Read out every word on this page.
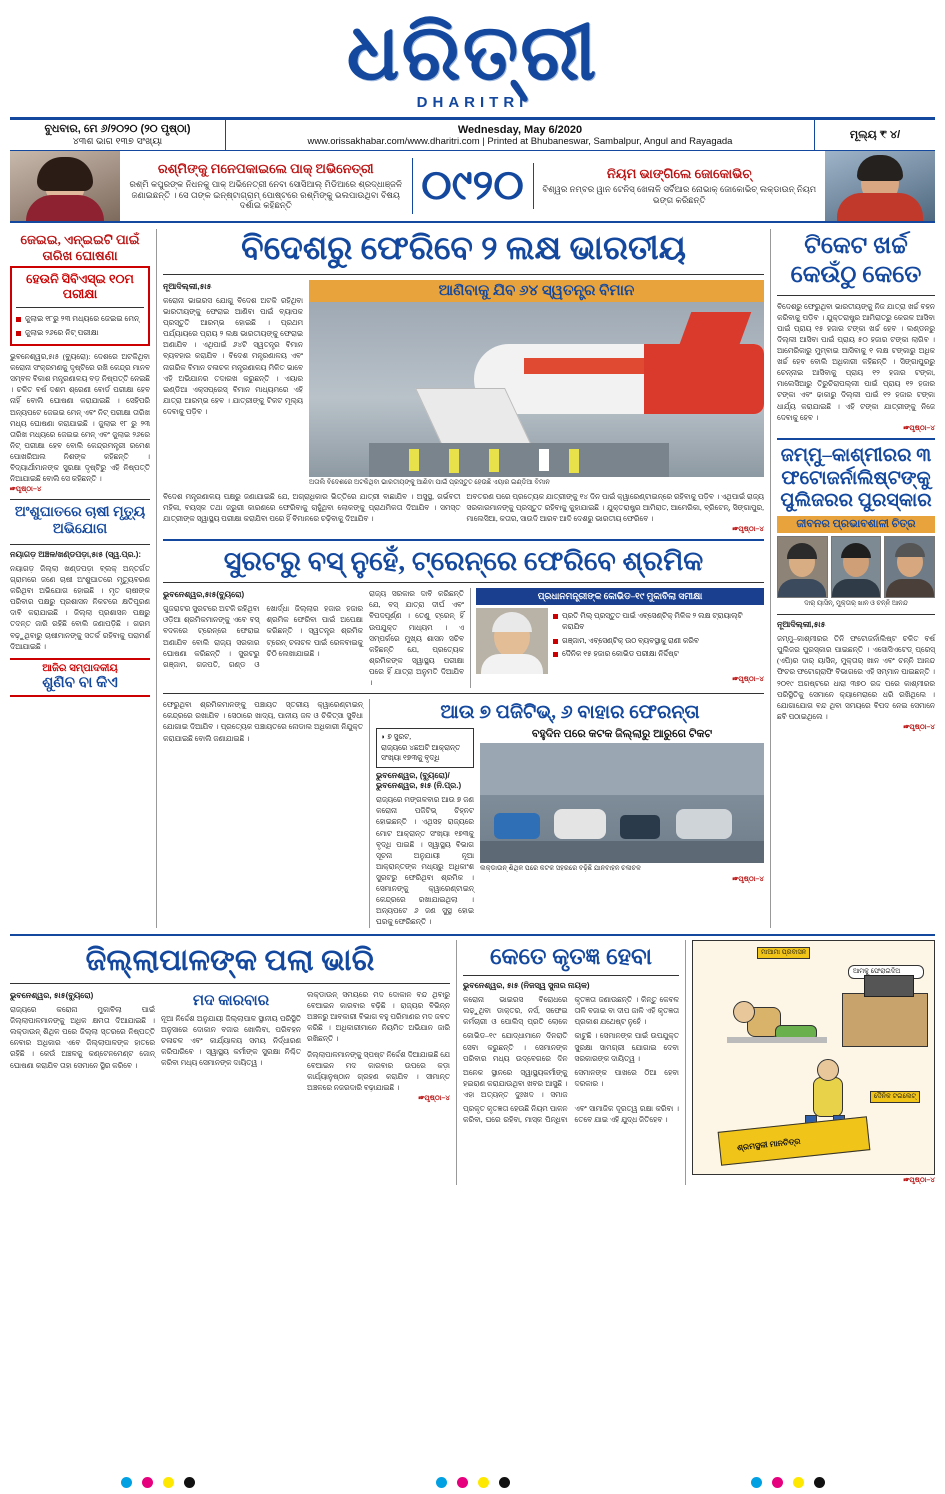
ଧରିତ୍ରୀ
DHARITRI
ବୁଧବାର, ମେ ୬/୨୦୨୦ (୨୦ ପୃଷ୍ଠା)
୪୩ଶ ଭାଗ ୧୩୭ ସଂଖ୍ୟା
Wednesday, May 6/2020
www.orissakhabar.com/www.dharitri.com | Printed at Bhubaneswar, Sambalpur, Angul and Rayagada
ମୂଲ୍ୟ ₹ ୪/
ରଶ୍ମିଙ୍କୁ ମନେପକାଇଲେ ପାକ୍ ଅଭିନେତ୍ରୀ
ରଶ୍ମି କପୁରଙ୍କ ନିଧନକୁ ପାକ୍ ଅଭିନେତ୍ରୀ ନେବା ସୋସିଆଲ୍ ମିଡିଆରେ ଶ୍ରଦ୍ଧାଞ୍ଜଳି ଜଣାଇଛନ୍ତି । ସେ ତାଙ୍କ ଇନ୍‌ଷ୍ଟାଗ୍ରାମ୍ ପୋଷ୍ଟରେ ରଶ୍ମିଙ୍କୁ ଭଲପାଉଥିବା ବିଷୟ ଦର୍ଶାଇ କହିଛନ୍ତି	୦୯୨୦	ନିୟମ ଭାଙ୍ଗିଲେ ଜୋକୋଭିଚ୍
ବିଶ୍ୱର ନମ୍ବର ୱାନ ଟେନିସ୍ ଖେଳାଳି ସର୍ବିଆର ନୋଭାକ୍ ଜୋକୋଭିଚ୍ ଲକ୍‌ଡାଉନ୍ ନିୟମ ଭଙ୍ଗ କରିଛନ୍ତି
ଜେଇଇ, ଏନ୍‌ଇଇଟି ପାଇଁ ତାରିଖ ଘୋଷଣା
ହେଉନି ସିବିଏସ୍‌ଇ ୧୦ମ ପରୀକ୍ଷା
ଜୁଲାଇ ୧୮ରୁ ୨୩ ମଧ୍ୟରେ ଜେଇଇ ମେନ୍
ଜୁଲାଇ ୨୬ରେ ନିଟ୍ ପରୀକ୍ଷା
ଭୁବନେଶ୍ୱର,୫ା୫ (ବ୍ୟୁରୋ): ଦେଶରେ ଅଟକିଥିବା କରୋନା ସଂକ୍ରମଣକୁ ଦୃଷ୍ଟିରେ ରଖି କେନ୍ଦ୍ର ମାନବ ସମ୍ବଳ ବିକାଶ ମନ୍ତ୍ରଣାଳୟ ବଡ଼ ନିଷ୍ପତ୍ତି ନେଇଛି । ଚଳିତ ବର୍ଷ ଦଶମ ଶ୍ରେଣୀ ବୋର୍ଡ ପରୀକ୍ଷା ହେବ ନାହିଁ ବୋଲି ଘୋଷଣା କରାଯାଇଛି । ସେହିପରି ଅନ୍ୟପଟେ ଜେଇଇ ମେନ୍ ଏବଂ ନିଟ୍ ପରୀକ୍ଷା ତାରିଖ ମଧ୍ୟ ଘୋଷଣା କରାଯାଇଛି । ଜୁଲାଇ ୧୮ ରୁ ୨୩ ତାରିଖ ମଧ୍ୟରେ ଜେଇଇ ମେନ୍ ଏବଂ ଜୁଲାଇ ୨୬ରେ ନିଟ୍ ପରୀକ୍ଷା ହେବ ବୋଲି କେନ୍ଦ୍ରମନ୍ତ୍ରୀ ରମେଶ ପୋଖରିଆଲ ନିଶଙ୍କ କହିଛନ୍ତି । ବିଦ୍ୟାର୍ଥୀମାନଙ୍କ ସୁରକ୍ଷା ଦୃଷ୍ଟିରୁ ଏହି ନିଷ୍ପତ୍ତି ନିଆଯାଇଛି ବୋଲି ସେ କହିଛନ୍ତି ।
☞ପୃଷ୍ଠା–୪
ଅଂଶୁଘାତରେ ଚାଷୀ ମୃତ୍ୟୁ ଅଭିଯୋଗ
ନୟାଗଡ଼ ଅଞ୍ଚଳ/ଖଣ୍ଡପଡ଼ା,୫ା୫ (ସ୍ୱ.ପ୍ର.):
ନୟାଗଡ଼ ଜିଲ୍ଲା ଖଣ୍ଡପଡ଼ା ବ୍ଲକ୍ ଅନ୍ତର୍ଗତ ଗ୍ରାମରେ ଜଣେ ଚାଷୀ ଅଂଶୁଘାତରେ ମୃତ୍ୟୁବରଣ କରିଥିବା ଅଭିଯୋଗ ହୋଇଛି । ମୃତ ଚାଷୀଙ୍କ ପରିବାର ପକ୍ଷରୁ ପ୍ରଶାସନ ନିକଟରେ କ୍ଷତିପୂରଣ ଦାବି କରାଯାଇଛି । ଜିଲ୍ଲା ପ୍ରଶାସନ ପକ୍ଷରୁ ତଦନ୍ତ ଜାରି ରହିଛି ବୋଲି ଜଣାପଡ଼ିଛି । ଗରମ ବଢ଼ୁଥିବାରୁ ଚାଷୀମାନଙ୍କୁ ସତର୍କ ରହିବାକୁ ପରାମର୍ଶ ଦିଆଯାଇଛି ।
ଆଜିର ସମ୍ପାଦକୀୟ
ଶୁଣିବ ବା କିଏ
ବିଦେଶରୁ ଫେରିବେ ୨ ଲକ୍ଷ ଭାରତୀୟ
ନୂଆଦିଲ୍ଲୀ,୫ା୫
କରୋନା ଭାଇରସ ଯୋଗୁ ବିଦେଶ ଅଟକି ରହିଥିବା ଭାରତୀୟଙ୍କୁ ଫେରାଇ ଆଣିବା ପାଇଁ ବ୍ୟାପକ ପ୍ରସ୍ତୁତି ଆରମ୍ଭ ହୋଇଛି । ପ୍ରଥମ ପର୍ଯ୍ୟାୟରେ ପ୍ରାୟ ୨ ଲକ୍ଷ ଭାରତୀୟଙ୍କୁ ଫେରାଇ ଅଣାଯିବ । ଏଥିପାଇଁ ୬୪ଟି ସ୍ୱତନ୍ତ୍ର ବିମାନ ବ୍ୟବହାର କରାଯିବ । ବିଦେଶ ମନ୍ତ୍ରଣାଳୟ ଏବଂ ନାଗରିକ ବିମାନ ଚଳାଚଳ ମନ୍ତ୍ରଣାଳୟ ମିଳିତ ଭାବେ ଏହି ଅଭିଯାନର ତଦାରଖ କରୁଛନ୍ତି । ଏୟାର ଇଣ୍ଡିଆ ଏକ୍ସପ୍ରେସ୍ ବିମାନ ମାଧ୍ୟମରେ ଏହି ଯାତ୍ରା ଆରମ୍ଭ ହେବ । ଯାତ୍ରୀଙ୍କୁ ଟିକଟ ମୂଲ୍ୟ ଦେବାକୁ ପଡ଼ିବ ।
ଆଣିବାକୁ ଯିବ ୬୪ ସ୍ୱତନ୍ତ୍ର ବିମାନ
ଅତାଲି ବିଦେଶରେ ଅଟକିଥିବା ଭାରତୀୟଙ୍କୁ ଆଣିବା ପାଇଁ ପ୍ରସ୍ତୁତ ହେଉଛି ଏୟାର ଇଣ୍ଡିଆ ବିମାନ
ବିଦେଶ ମନ୍ତ୍ରଣାଳୟ ପକ୍ଷରୁ ଜଣାଯାଇଛି ଯେ, ଅଗ୍ରାଧିକାର ଭିତ୍ତିରେ ଯାତ୍ରୀ ବାଛାଯିବ । ଅସୁସ୍ଥ, ଗର୍ଭବତୀ ମହିଳା, ବୟସ୍କ ତଥା ଜରୁରୀ କାରଣରେ ଫେରିବାକୁ ଚାହୁଁଥିବା ଲୋକଙ୍କୁ ପ୍ରାଥମିକତା ଦିଆଯିବ । ସମସ୍ତ ଯାତ୍ରୀଙ୍କ ସ୍ୱାସ୍ଥ୍ୟ ପରୀକ୍ଷା କରାଯିବା ପରେ ହିଁ ବିମାନରେ ଚଢ଼ିବାକୁ ଦିଆଯିବ ।
ଅବତରଣ ପରେ ପ୍ରତ୍ୟେକ ଯାତ୍ରୀଙ୍କୁ ୧୪ ଦିନ ପାଇଁ କ୍ୱାରେଣ୍ଟାଇନ୍‌ରେ ରହିବାକୁ ପଡ଼ିବ । ଏଥିପାଇଁ ରାଜ୍ୟ ସରକାରମାନଙ୍କୁ ପ୍ରସ୍ତୁତ ରହିବାକୁ କୁହାଯାଇଛି । ଯୁକ୍ତରାଷ୍ଟ୍ର ଆମିରାତ, ଆମେରିକା, ବ୍ରିଟେନ୍, ସିଙ୍ଗାପୁର, ମାଲେସିଆ, କତାର, ସାଉଦି ଆରବ ଆଦି ଦେଶରୁ ଭାରତୀୟ ଫେରିବେ ।
☞ପୃଷ୍ଠା–୪
ସୁରଟରୁ ବସ୍ ନୁହେଁ, ଟ୍ରେନ୍‌ରେ ଫେରିବେ ଶ୍ରମିକ
ଭୁବନେଶ୍ୱର,୫ା୫(ବ୍ୟୁରୋ)
ଗୁଜରାଟର ସୁରଟରେ ଅଟକି ରହିଥିବା ଓଡ଼ିଆ ଶ୍ରମିକମାନଙ୍କୁ ଏବେ ବସ୍ ବଦଳରେ ଟ୍ରେନ୍‌ରେ ଫେରାଇ ଅଣାଯିବ ବୋଲି ରାଜ୍ୟ ସରକାର ଘୋଷଣା କରିଛନ୍ତି । ସୁରଟରୁ ଗଞ୍ଜାମ, ଗଜପତି, ଗଣ୍ଡ ଓ ଖୋର୍ଦ୍ଧା ଜିଲ୍ଲାର ହଜାର ହଜାର ଶ୍ରମିକ ଫେରିବା ପାଇଁ ଅପେକ୍ଷା କରିଛନ୍ତି । ସ୍ୱତନ୍ତ୍ର ଶ୍ରମିକ ଟ୍ରେନ୍ ଚଳାଚଳ ପାଇଁ ରେଳବାଇକୁ ଚିଠି ଲେଖାଯାଇଛି ।
ରାଜ୍ୟ ସରକାର ଦାବି କରିଛନ୍ତି ଯେ, ବସ୍ ଯାତ୍ରା ଦୀର୍ଘ ଏବଂ ବିପଦପୂର୍ଣ୍ଣ । ତେଣୁ ଟ୍ରେନ୍ ହିଁ ଉପଯୁକ୍ତ ମାଧ୍ୟମ । ଏ ସମ୍ପର୍କରେ ମୁଖ୍ୟ ଶାସନ ସଚିବ କହିଛନ୍ତି ଯେ, ପ୍ରତ୍ୟେକ ଶ୍ରମିକଙ୍କ ସ୍ୱାସ୍ଥ୍ୟ ପରୀକ୍ଷା ପରେ ହିଁ ଯାତ୍ରା ଅନୁମତି ଦିଆଯିବ ।
ପ୍ରଧାନମନ୍ତ୍ରୀଙ୍କ କୋଭିଡ–୧୯ ମୁକାବିଲା ସମୀକ୍ଷା
ପ୍ରତି ମିଲ୍ ପ୍ରସ୍ତୁତ ପାଇଁ ଏବ୍‌ସେଣ୍ଟିକ୍ ମିଳିକ ୨ ଲକ୍ଷ ଟ୍ରାୟାଲ୍‌ଟି କରାଯିବ
ଗଞ୍ଜାମ, ଏବ୍‌ସେଣ୍ଟିକ୍ ଉଠ ବ୍ୟବସ୍ଥାକୁ ରାଣୀ କରିବ
ଦୈନିକ ୧୫ ହଜାର କୋଭିଡ ପରୀକ୍ଷା ନିର୍ଦ୍ଦିଷ୍ଟ
☞ପୃଷ୍ଠା–୪
ଫେରୁଥିବା ଶ୍ରମିକମାନଙ୍କୁ ପଞ୍ଚାୟତ ସ୍ତରୀୟ କ୍ୱାରେଣ୍ଟାଇନ୍ କେନ୍ଦ୍ରରେ ରଖାଯିବ । ସେଠାରେ ଖାଦ୍ୟ, ପାନୀୟ ଜଳ ଓ ଚିକିତ୍ସା ସୁବିଧା ଯୋଗାଇ ଦିଆଯିବ । ପ୍ରତ୍ୟେକ ପଞ୍ଚାୟତରେ ନୋଡାଲ ଅଧିକାରୀ ନିଯୁକ୍ତ କରାଯାଇଛି ବୋଲି ଜଣାଯାଇଛି ।
ଆଉ ୭ ପଜିଟିଭ୍, ୬ ବାହାର ଫେରନ୍ତା
◗ ୭ ସୁରଟ,
ରାଜ୍ୟରେ ୪ଛଅଟି ଆକ୍ରାନ୍ତ ସଂଖ୍ୟା ୧୭୩କୁ ବୃଦ୍ଧି
ଭୁବନେଶ୍ୱର, (ବ୍ୟୁରୋ)/ଭୁବନେଶ୍ୱର, ୫ା୫ (ନି.ପ୍ର.)
ରାଜ୍ୟରେ ମଙ୍ଗଳବାର ଆଉ ୭ ଜଣ କରୋନା ପଜିଟିଭ୍ ଚିହ୍ନଟ ହୋଇଛନ୍ତି । ଏଥିସହ ରାଜ୍ୟରେ ମୋଟ ଆକ୍ରାନ୍ତ ସଂଖ୍ୟା ୧୭୩କୁ ବୃଦ୍ଧି ପାଇଛି । ସ୍ୱାସ୍ଥ୍ୟ ବିଭାଗ ସୂଚନା ଅନୁଯାୟୀ ନୂଆ ଆକ୍ରାନ୍ତଙ୍କ ମଧ୍ୟରୁ ଅଧିକାଂଶ ସୁରଟରୁ ଫେରିଥିବା ଶ୍ରମିକ । ସେମାନଙ୍କୁ କ୍ୱାରେଣ୍ଟାଇନ୍ କେନ୍ଦ୍ରରେ ରଖାଯାଇଥିଲା । ଅନ୍ୟପଟେ ୬ ଜଣ ସୁସ୍ଥ ହୋଇ ଘରକୁ ଫେରିଛନ୍ତି ।
ବହୁଦିନ ପରେ କଟକ ଜିଲ୍ଲାରୁ ଆରୁଗେ ଟିକଟ
ଲକ୍‌ଡାଉନ୍ ଶିଥିଳ ପରେ କଟକ ସହରରେ ବଢ଼ିଛି ଯାନବାହନ ଚଳାଚଳ
☞ପୃଷ୍ଠା–୪
ଟିକେଟ ଖର୍ଚ୍ଚ କେଉଁଠୁ କେତେ
ବିଦେଶରୁ ଫେରୁଥିବା ଭାରତୀୟଙ୍କୁ ନିଜ ଯାତ୍ରା ଖର୍ଚ୍ଚ ବହନ କରିବାକୁ ପଡ଼ିବ । ଯୁକ୍ତରାଷ୍ଟ୍ର ଆମିରାତରୁ କେରଳ ଆସିବା ପାଇଁ ପ୍ରାୟ ୧୫ ହଜାର ଟଙ୍କା ଖର୍ଚ୍ଚ ହେବ । ଲଣ୍ଡନରୁ ଦିଲ୍ଲୀ ଆସିବା ପାଇଁ ପ୍ରାୟ ୫୦ ହଜାର ଟଙ୍କା ଲାଗିବ । ଆମେରିକାରୁ ମୁମ୍ବାଇ ଆସିବାକୁ ୧ ଲକ୍ଷ ଟଙ୍କାରୁ ଅଧିକ ଖର୍ଚ୍ଚ ହେବ ବୋଲି ଅଧିକାରୀ କହିଛନ୍ତି । ସିଙ୍ଗାପୁରରୁ ଚେନ୍ନାଇ ଆସିବାକୁ ପ୍ରାୟ ୧୨ ହଜାର ଟଙ୍କା, ମାଲେସିଆରୁ ତିରୁଚିରାପଲ୍ଲୀ ପାଇଁ ପ୍ରାୟ ୧୨ ହଜାର ଟଙ୍କା ଏବଂ ଢାକାରୁ ଦିଲ୍ଲୀ ପାଇଁ ୧୨ ହଜାର ଟଙ୍କା ଧାର୍ଯ୍ୟ କରାଯାଇଛି । ଏହି ଟଙ୍କା ଯାତ୍ରୀଙ୍କୁ ନିଜେ ଦେବାକୁ ହେବ ।
☞ପୃଷ୍ଠା–୪
ଜମ୍ମୁ–କାଶ୍ମୀରର ୩ ଫଟୋଜର୍ନାଲିଷ୍ଟଙ୍କୁ ପୁଲିଜରର ପୁରସ୍କାର
ଜୀବନର ପ୍ରଭାବଶାଳୀ ଚିତ୍ର
ଦାର୍ ୟାସିନ୍, ମୁକ୍ତାର୍ ଖାନ ଓ ଚନ୍ନି ଆନନ୍ଦ
ନୂଆଦିଲ୍ଲୀ,୫ା୫
ଜମ୍ମୁ–କାଶ୍ମୀରର ତିନି ଫଟୋଜର୍ନାଲିଷ୍ଟ ଚଳିତ ବର୍ଷ ପୁଲିଜର ପୁରସ୍କାର ପାଇଛନ୍ତି । ଏସୋସିଏଟେଡ୍ ପ୍ରେସ୍ (ଏପି)ର ଦାର୍ ୟାସିନ୍, ମୁକ୍ତାର୍ ଖାନ ଏବଂ ଚନ୍ନି ଆନନ୍ଦ ଫିଚର ଫଟୋଗ୍ରାଫି ବିଭାଗରେ ଏହି ସମ୍ମାନ ପାଇଛନ୍ତି । ୨୦୧୯ ଅଗଷ୍ଟରେ ଧାରା ୩୭୦ ରଦ୍ଦ ପରେ କାଶ୍ମୀରର ପରିସ୍ଥିତିକୁ ସେମାନେ କ୍ୟାମେରାରେ ଧରି ରଖିଥିଲେ । ଯୋଗାଯୋଗ ବନ୍ଦ ଥିବା ସମୟରେ ବିପଦ ନେଇ ସେମାନେ ଛବି ପଠାଇଥିଲେ ।
☞ପୃଷ୍ଠା–୪
ଜିଲ୍ଲାପାଳଙ୍କ ପଲା ଭାରି
ଭୁବନେଶ୍ୱର, ୫ା୫(ବ୍ୟୁରୋ)
ରାଜ୍ୟରେ କରୋନା ମୁକାବିଲା ପାଇଁ ଜିଲ୍ଲାପାଳମାନଙ୍କୁ ଅଧିକ କ୍ଷମତା ଦିଆଯାଇଛି । ଲକ୍‌ଡାଉନ୍ ଶିଥିଳ ପରେ ଜିଲ୍ଲା ସ୍ତରରେ ନିଷ୍ପତ୍ତି ନେବାର ଅଧିକାର ଏବେ ଜିଲ୍ଲାପାଳଙ୍କ ହାତରେ ରହିଛି । କେଉଁ ଅଞ୍ଚଳକୁ କଣ୍ଟେନମେଣ୍ଟ ଜୋନ୍ ଘୋଷଣା କରାଯିବ ତାହା ସେମାନେ ସ୍ଥିର କରିବେ ।
ମଦ କାରବାର
ନୂଆ ନିର୍ଦ୍ଦେଶ ଅନୁଯାୟୀ ଜିଲ୍ଲାପାଳ ସ୍ଥାନୀୟ ପରିସ୍ଥିତି ଅନୁସାରେ ଦୋକାନ ବଜାର ଖୋଲିବା, ପରିବହନ ଚଳାଚଳ ଏବଂ କାର୍ଯ୍ୟାଳୟ ସମୟ ନିର୍ଦ୍ଧାରଣ କରିପାରିବେ । ସ୍ୱାସ୍ଥ୍ୟ କର୍ମୀଙ୍କ ସୁରକ୍ଷା ନିଶ୍ଚିତ କରିବା ମଧ୍ୟ ସେମାନଙ୍କ ଦାୟିତ୍ୱ ।
ଲକ୍‌ଡାଉନ୍ ସମୟରେ ମଦ ଦୋକାନ ବନ୍ଦ ଥିବାରୁ ବେଆଇନ କାରବାର ବଢ଼ିଛି । ରାଜ୍ୟର ବିଭିନ୍ନ ଅଞ୍ଚଳରୁ ଆବକାରୀ ବିଭାଗ ବହୁ ପରିମାଣର ମଦ ଜବତ କରିଛି । ଅଧିକାରୀମାନେ ନିୟମିତ ଅଭିଯାନ ଜାରି ରଖିଛନ୍ତି ।
ଜିଲ୍ଲାପାଳମାନଙ୍କୁ ସ୍ପଷ୍ଟ ନିର୍ଦ୍ଦେଶ ଦିଆଯାଇଛି ଯେ ବେଆଇନ ମଦ କାରବାର ଉପରେ କଡ଼ା କାର୍ଯ୍ୟାନୁଷ୍ଠାନ ଗ୍ରହଣ କରାଯିବ । ସୀମାନ୍ତ ଅଞ୍ଚଳରେ ନଜରଦାରି ବଢ଼ାଯାଇଛି ।
☞ପୃଷ୍ଠା–୪
କେତେ କୃତଜ୍ଞ ହେବା
ଭୁବନେଶ୍ୱର, ୫ା୫ (ନିଜସ୍ୱ ସୁନାର ନାୟକ)
କରୋନା ଭାଇରସ ବିରୋଧରେ ଲଢ଼ୁଥିବା ଡାକ୍ତର, ନର୍ସ, ସଫେଇ କର୍ମଚାରୀ ଓ ପୋଲିସ୍ ପ୍ରତି ଲୋକେ କୃତଜ୍ଞତା ଜଣାଉଛନ୍ତି । କିନ୍ତୁ କେବଳ ତାଳି ବଜାଇ ବା ଦୀପ ଜାଳି ଏହି କୃତଜ୍ଞତା ପ୍ରକାଶ ଯଥେଷ୍ଟ ନୁହେଁ ।
କୋଭିଡ–୧୯ ଯୋଦ୍ଧାମାନେ ଦିନରାତି ସେବା କରୁଛନ୍ତି । ସେମାନଙ୍କ ପରିବାର ମଧ୍ୟ ଉଦ୍‌ବେଗରେ ଦିନ କାଟୁଛି । ସେମାନଙ୍କ ପାଇଁ ଉପଯୁକ୍ତ ସୁରକ୍ଷା ସାମଗ୍ରୀ ଯୋଗାଇ ଦେବା ସରକାରଙ୍କ ଦାୟିତ୍ୱ ।
ଅନେକ ସ୍ଥାନରେ ସ୍ୱାସ୍ଥ୍ୟକର୍ମୀଙ୍କୁ ହଇରାଣ କରାଯାଉଥିବା ଖବର ଆସୁଛି । ଏହା ଅତ୍ୟନ୍ତ ଦୁଃଖଦ । ସମାଜ ସେମାନଙ୍କ ପାଖରେ ଠିଆ ହେବା ଦରକାର ।
ପ୍ରକୃତ କୃତଜ୍ଞତା ହେଉଛି ନିୟମ ପାଳନ କରିବା, ଘରେ ରହିବା, ମାସ୍କ ପିନ୍ଧିବା ଏବଂ ସାମାଜିକ ଦୂରତ୍ୱ ରକ୍ଷା କରିବା । ତେବେ ଯାଇ ଏହି ଯୁଦ୍ଧ ଜିତିହେବ ।
ମାଆମା ପ୍ରବାସନ
ଆମକୁ ଫେରାଇଦିଅ
ଦୈନିକ ଟଇଲେଟ୍
ଶ୍ରମସ୍ଥଳୀ ମାନଚିତ୍ର
☞ପୃଷ୍ଠା–୪
